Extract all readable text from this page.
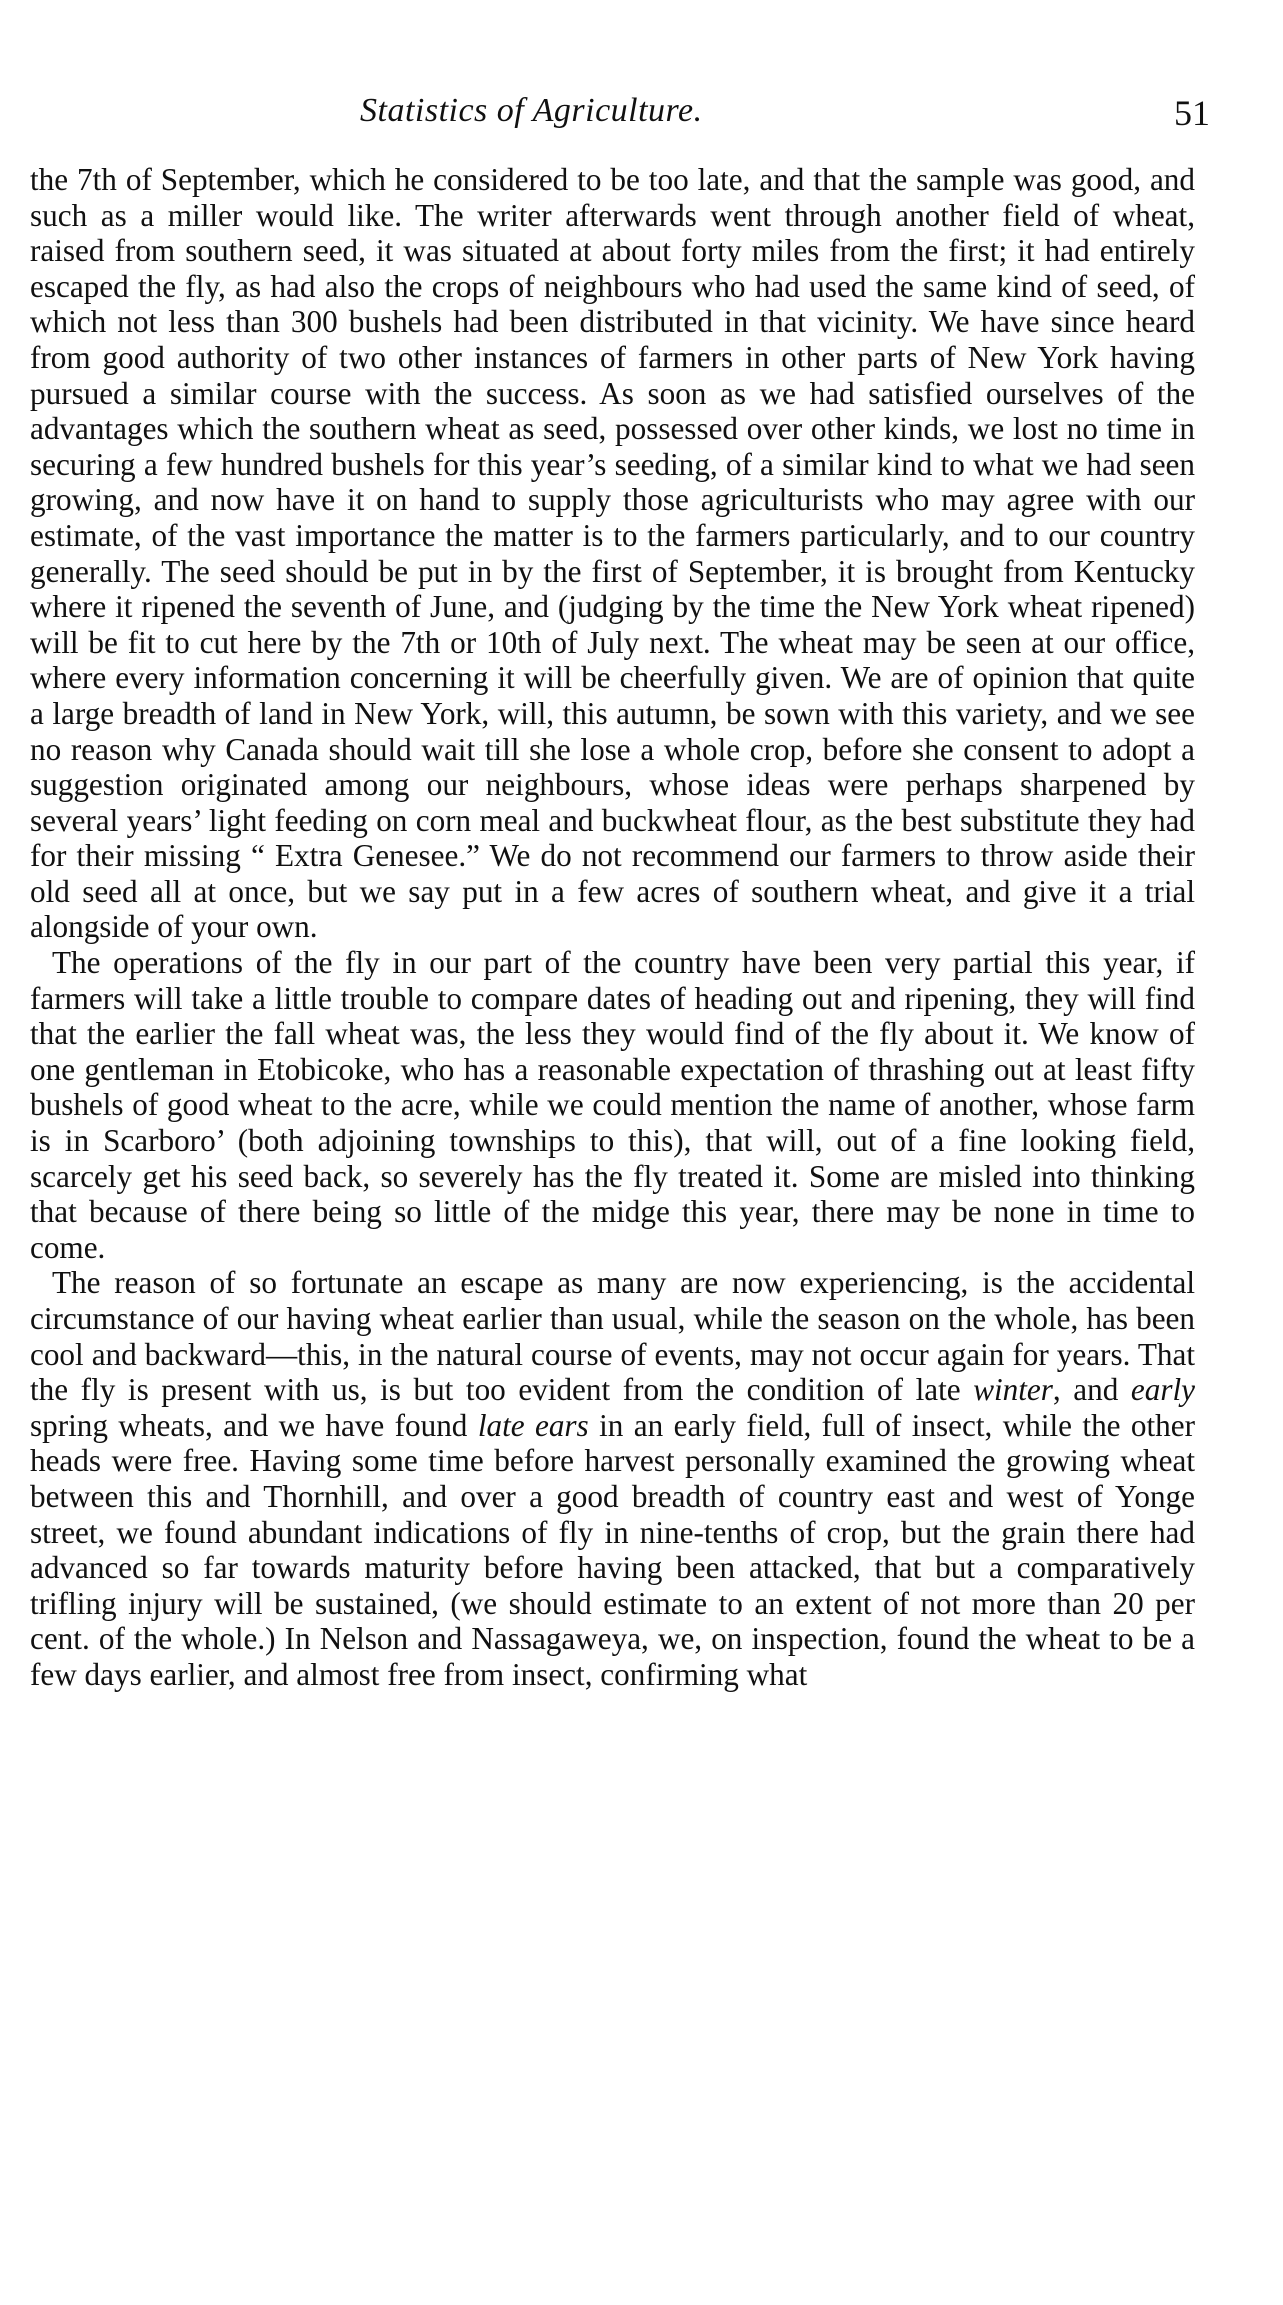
Statistics of Agriculture.	51

the 7th of September, which he considered to be too late, and that the sample was good, and such as a miller would like. The writer afterwards went through another field of wheat, raised from southern seed, it was situated at about forty miles from the first; it had entirely escaped the fly, as had also the crops of neighbours who had used the same kind of seed, of which not less than 300 bushels had been distributed in that vicinity. We have since heard from good authority of two other instances of farmers in other parts of New York having pursued a similar course with the success. As soon as we had satisfied ourselves of the advantages which the southern wheat as seed, possessed over other kinds, we lost no time in securing a few hundred bushels for this year’s seeding, of a similar kind to what we had seen growing, and now have it on hand to supply those agriculturists who may agree with our estimate, of the vast importance the matter is to the farmers particularly, and to our country generally. The seed should be put in by the first of September, it is brought from Kentucky where it ripened the seventh of June, and (judging by the time the New York wheat ripened) will be fit to cut here by the 7th or 10th of July next. The wheat may be seen at our office, where every information concerning it will be cheerfully given. We are of opinion that quite a large breadth of land in New York, will, this autumn, be sown with this variety, and we see no reason why Canada should wait till she lose a whole crop, before she consent to adopt a suggestion originated among our neighbours, whose ideas were perhaps sharpened by several years’ light feeding on corn meal and buckwheat flour, as the best substitute they had for their missing “ Extra Genesee.” We do not recommend our farmers to throw aside their old seed all at once, but we say put in a few acres of southern wheat, and give it a trial alongside of your own.

The operations of the fly in our part of the country have been very partial this year, if farmers will take a little trouble to compare dates of heading out and ripening, they will find that the earlier the fall wheat was, the less they would find of the fly about it. We know of one gentleman in Etobicoke, who has a reasonable expectation of thrashing out at least fifty bushels of good wheat to the acre, while we could mention the name of another, whose farm is in Scarboro’ (both adjoining townships to this), that will, out of a fine looking field, scarcely get his seed back, so severely has the fly treated it. Some are misled into thinking that because of there being so little of the midge this year, there may be none in time to come.

The reason of so fortunate an escape as many are now experiencing, is the accidental circumstance of our having wheat earlier than usual, while the season on the whole, has been cool and backward—this, in the natural course of events, may not occur again for years. That the fly is present with us, is but too evident from the condition of late winter, and early spring wheats, and we have found late ears in an early field, full of insect, while the other heads were free. Having some time before harvest personally examined the growing wheat between this and Thornhill, and over a good breadth of country east and west of Yonge street, we found abundant indications of fly in nine-tenths of crop, but the grain there had advanced so far towards maturity before having been attacked, that but a comparatively trifling injury will be sustained, (we should estimate to an extent of not more than 20 per cent. of the whole.) In Nelson and Nassagaweya, we, on inspection, found the wheat to be a few days earlier, and almost free from insect, confirming what
